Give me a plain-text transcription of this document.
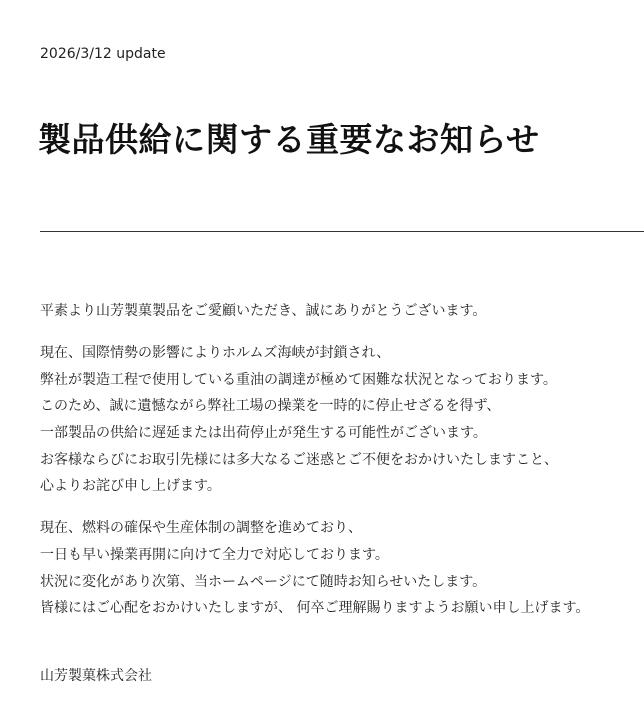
2026/3/12 update
製品供給に関する重要なお知らせ

平素より山芳製菓製品をご愛顧いただき、誠にありがとうございます。

現在、国際情勢の影響によりホルムズ海峡が封鎖され、
弊社が製造工程で使用している重油の調達が極めて困難な状況となっております。
このため、誠に遺憾ながら弊社工場の操業を一時的に停止せざるを得ず、
一部製品の供給に遅延または出荷停止が発生する可能性がございます。
お客様ならびにお取引先様には多大なるご迷惑とご不便をおかけいたしますこと、
心よりお詫び申し上げます。

現在、燃料の確保や生産体制の調整を進めており、
一日も早い操業再開に向けて全力で対応しております。
状況に変化があり次第、当ホームページにて随時お知らせいたします。
皆様にはご心配をおかけいたしますが、 何卒ご理解賜りますようお願い申し上げます。

山芳製菓株式会社
